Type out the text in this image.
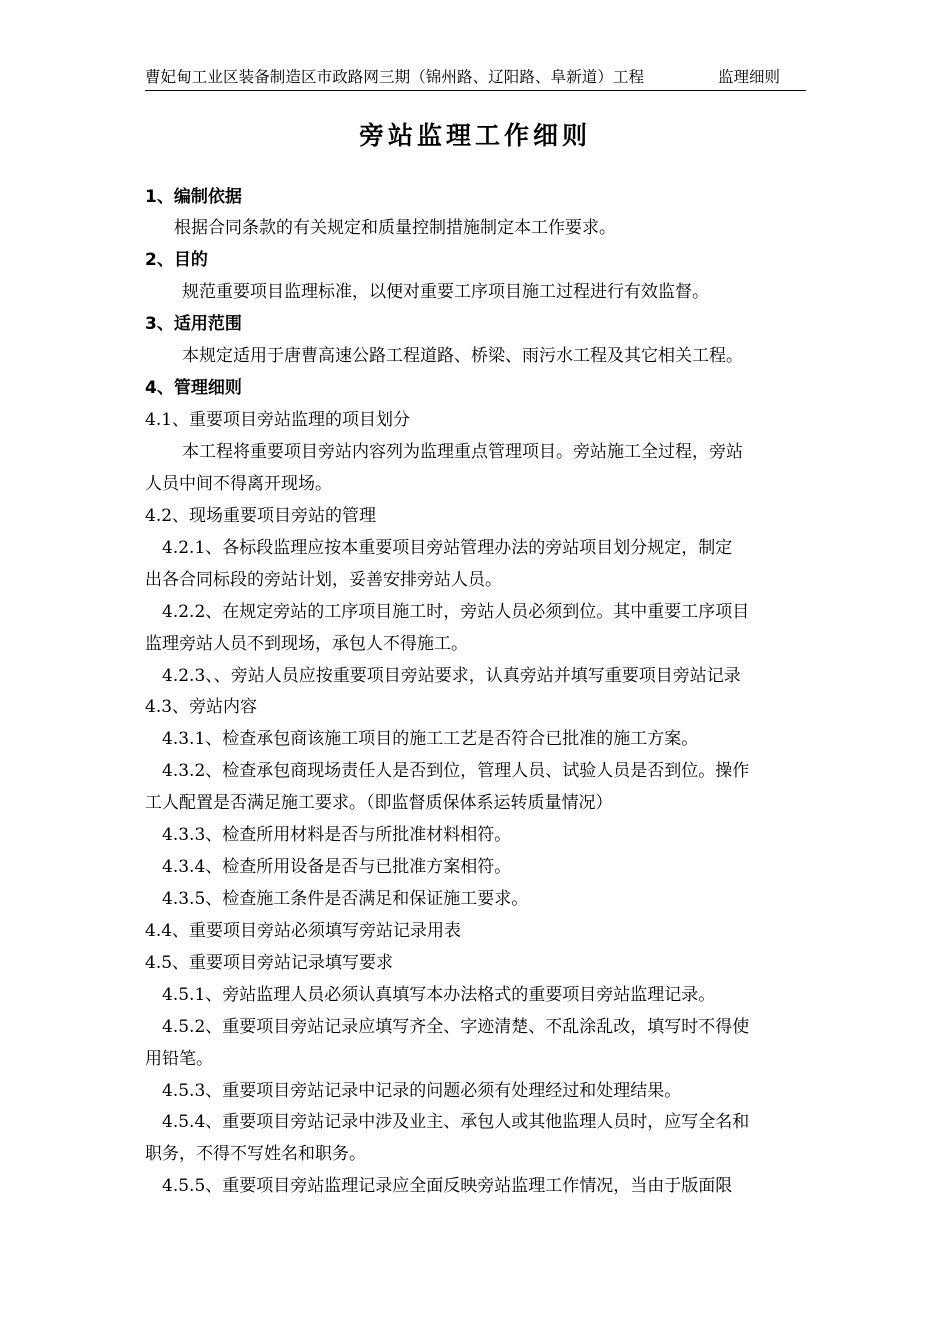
曹妃甸工业区装备制造区市政路网三期（锦州路、辽阳路、阜新道）工程	监理细则
旁站监理工作细则
1、编制依据
根据合同条款的有关规定和质量控制措施制定本工作要求。
2、目的
规范重要项目监理标准，以便对重要工序项目施工过程进行有效监督。
3、适用范围
本规定适用于唐曹高速公路工程道路、桥梁、雨污水工程及其它相关工程。
4、管理细则
4.1、重要项目旁站监理的项目划分
本工程将重要项目旁站内容列为监理重点管理项目。旁站施工全过程，旁站
人员中间不得离开现场。
4.2、现场重要项目旁站的管理
4.2.1、各标段监理应按本重要项目旁站管理办法的旁站项目划分规定，制定
出各合同标段的旁站计划，妥善安排旁站人员。
4.2.2、在规定旁站的工序项目施工时，旁站人员必须到位。其中重要工序项目
监理旁站人员不到现场，承包人不得施工。
4.2.3、、旁站人员应按重要项目旁站要求，认真旁站并填写重要项目旁站记录
4.3、旁站内容
4.3.1、检查承包商该施工项目的施工工艺是否符合已批准的施工方案。
4.3.2、检查承包商现场责任人是否到位，管理人员、试验人员是否到位。操作
工人配置是否满足施工要求。（即监督质保体系运转质量情况）
4.3.3、检查所用材料是否与所批准材料相符。
4.3.4、检查所用设备是否与已批准方案相符。
4.3.5、检查施工条件是否满足和保证施工要求。
4.4、重要项目旁站必须填写旁站记录用表
4.5、重要项目旁站记录填写要求
4.5.1、旁站监理人员必须认真填写本办法格式的重要项目旁站监理记录。
4.5.2、重要项目旁站记录应填写齐全、字迹清楚、不乱涂乱改，填写时不得使
用铅笔。
4.5.3、重要项目旁站记录中记录的问题必须有处理经过和处理结果。
4.5.4、重要项目旁站记录中涉及业主、承包人或其他监理人员时，应写全名和
职务，不得不写姓名和职务。
4.5.5、重要项目旁站监理记录应全面反映旁站监理工作情况，当由于版面限
